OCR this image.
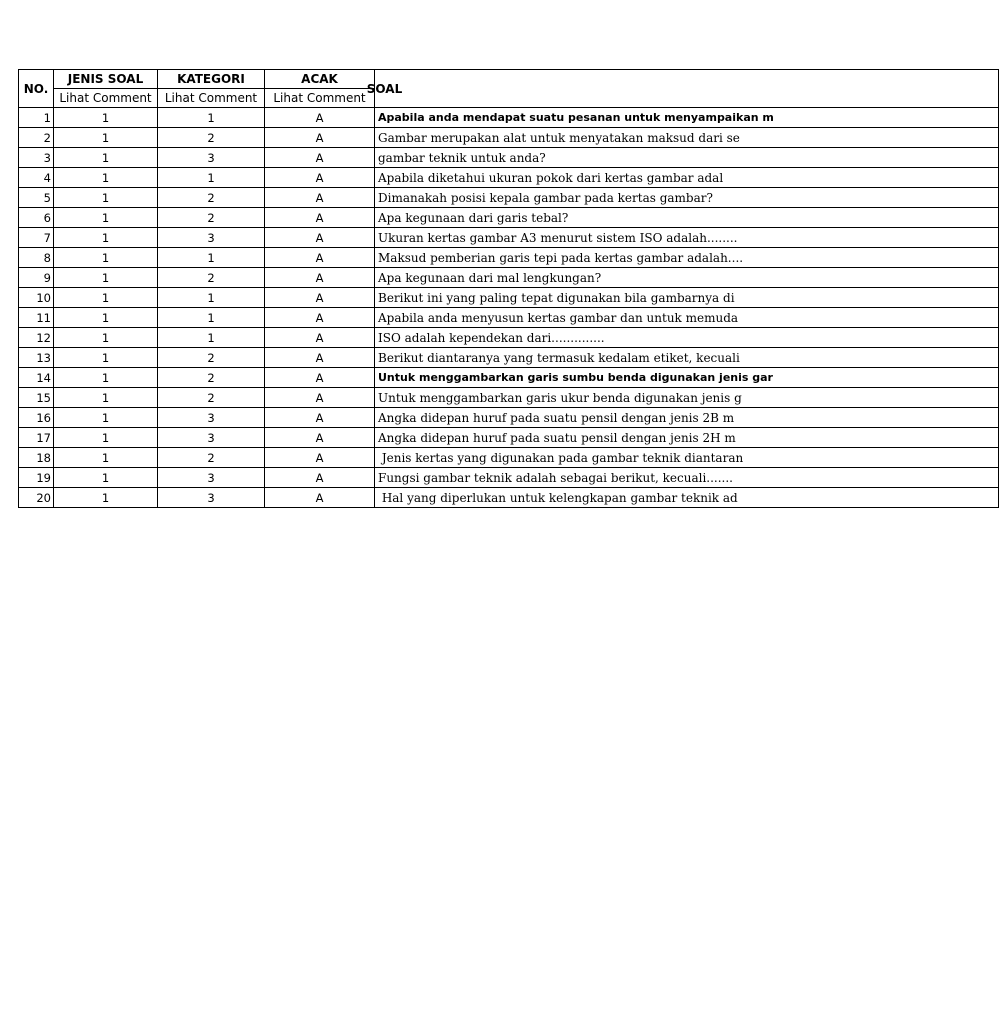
NO.	JENIS SOAL	KATEGORI	ACAK	SOAL
	Lihat Comment	Lihat Comment	Lihat Comment	
1	1	1	A	Apabila anda mendapat suatu pesanan untuk menyampaikan m
2	1	2	A	Gambar merupakan alat untuk menyatakan maksud dari se
3	1	3	A	gambar teknik untuk anda?
4	1	1	A	Apabila diketahui ukuran pokok dari kertas gambar adal
5	1	2	A	Dimanakah posisi kepala gambar pada kertas gambar?
6	1	2	A	Apa kegunaan dari garis tebal?
7	1	3	A	Ukuran kertas gambar A3 menurut sistem ISO adalah........
8	1	1	A	Maksud pemberian garis tepi pada kertas gambar adalah....
9	1	2	A	Apa kegunaan dari mal lengkungan?
10	1	1	A	Berikut ini yang paling tepat digunakan bila gambarnya di
11	1	1	A	Apabila anda menyusun kertas gambar dan untuk memuda
12	1	1	A	ISO adalah kependekan dari..............
13	1	2	A	Berikut diantaranya yang termasuk kedalam etiket, kecuali
14	1	2	A	Untuk menggambarkan garis sumbu benda digunakan jenis gar
15	1	2	A	Untuk menggambarkan garis ukur benda digunakan jenis g
16	1	3	A	Angka didepan huruf pada suatu pensil dengan jenis 2B m
17	1	3	A	Angka didepan huruf pada suatu pensil dengan jenis 2H m
18	1	2	A	Jenis kertas yang digunakan pada gambar teknik diantaran
19	1	3	A	Fungsi gambar teknik adalah sebagai berikut, kecuali.......
20	1	3	A	Hal yang diperlukan untuk kelengkapan gambar teknik ad
